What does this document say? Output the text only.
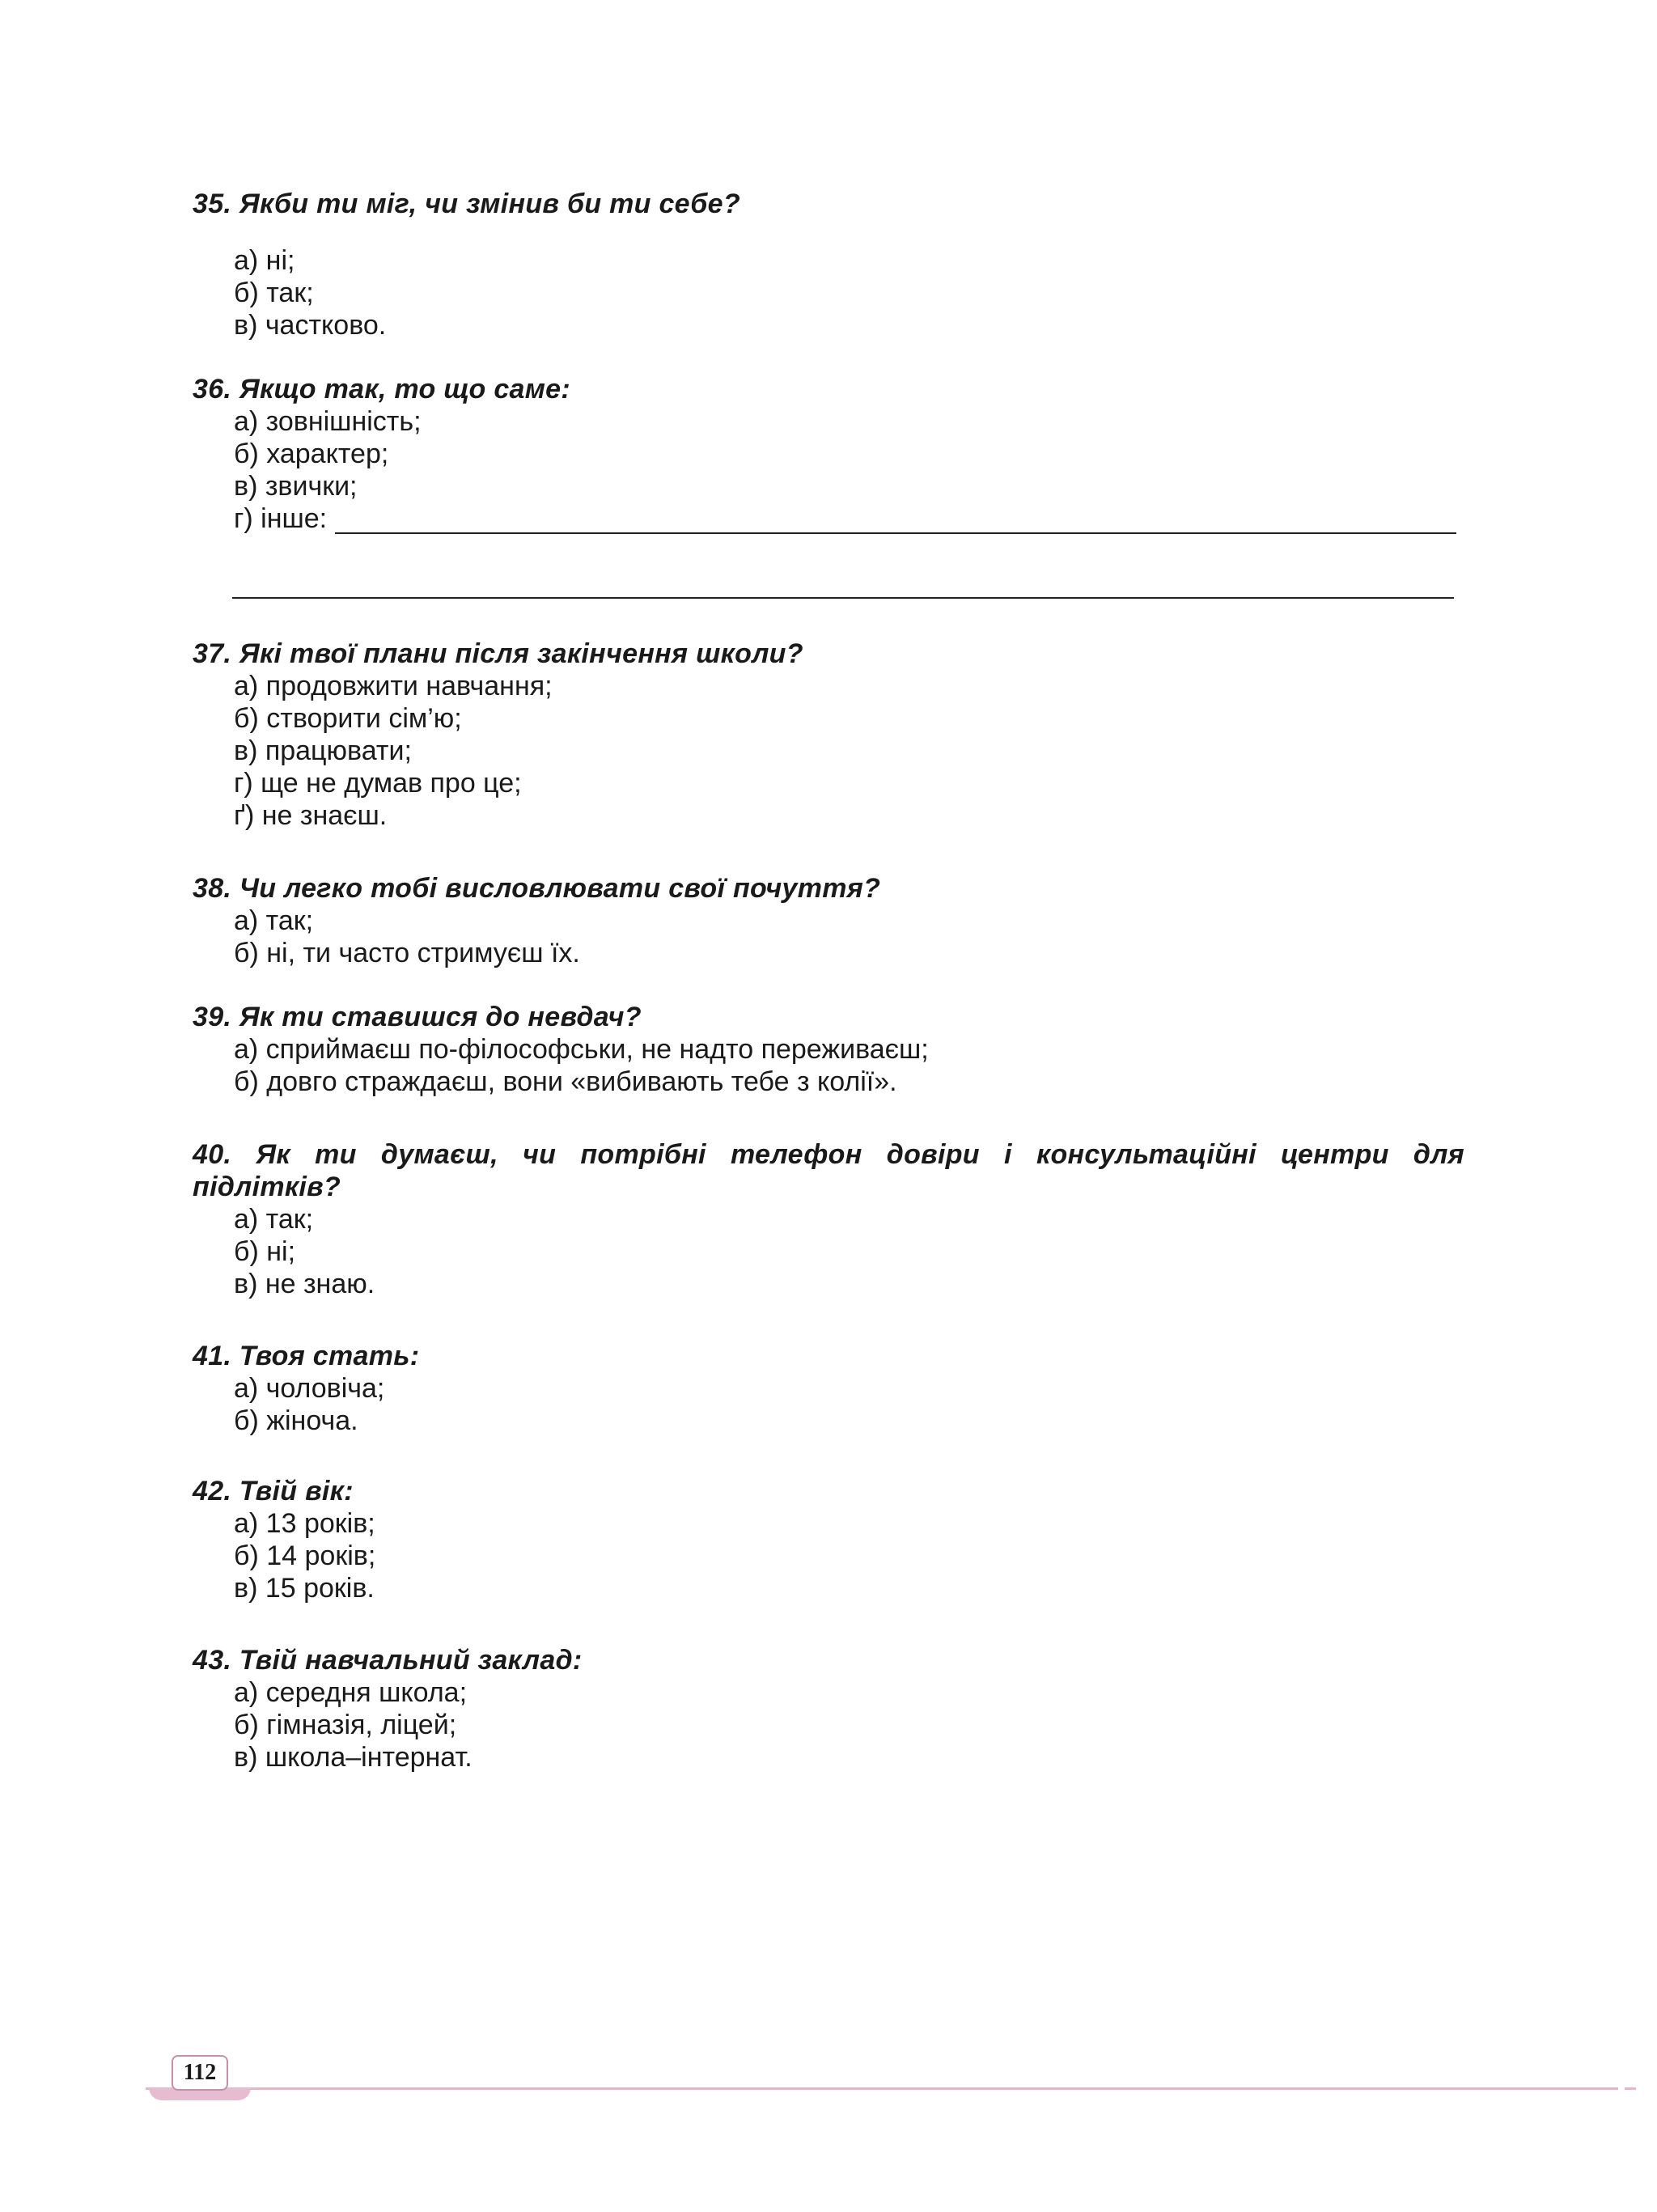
35. Якби ти міг, чи змінив би ти себе?
а) ні;
б) так;
в) частково.
36. Якщо так, то що саме:
а) зовнішність;
б) характер;
в) звички;
г) інше:
37. Які твої плани після закінчення школи?
а) продовжити навчання;
б) створити сім’ю;
в) працювати;
г) ще не думав про це;
ґ) не знаєш.
38. Чи легко тобі висловлювати свої почуття?
а) так;
б) ні, ти часто стримуєш їх.
39. Як ти ставишся до невдач?
а) сприймаєш по-філософськи, не надто переживаєш;
б) довго страждаєш, вони «вибивають тебе з колії».
40. Як ти думаєш, чи потрібні телефон довіри і консультаційні центри для
підлітків?
а) так;
б) ні;
в) не знаю.
41. Твоя стать:
а) чоловіча;
б) жіноча.
42. Твій вік:
а) 13 років;
б) 14 років;
в) 15 років.
43. Твій навчальний заклад:
а) середня школа;
б) гімназія, ліцей;
в) школа–інтернат.
112
